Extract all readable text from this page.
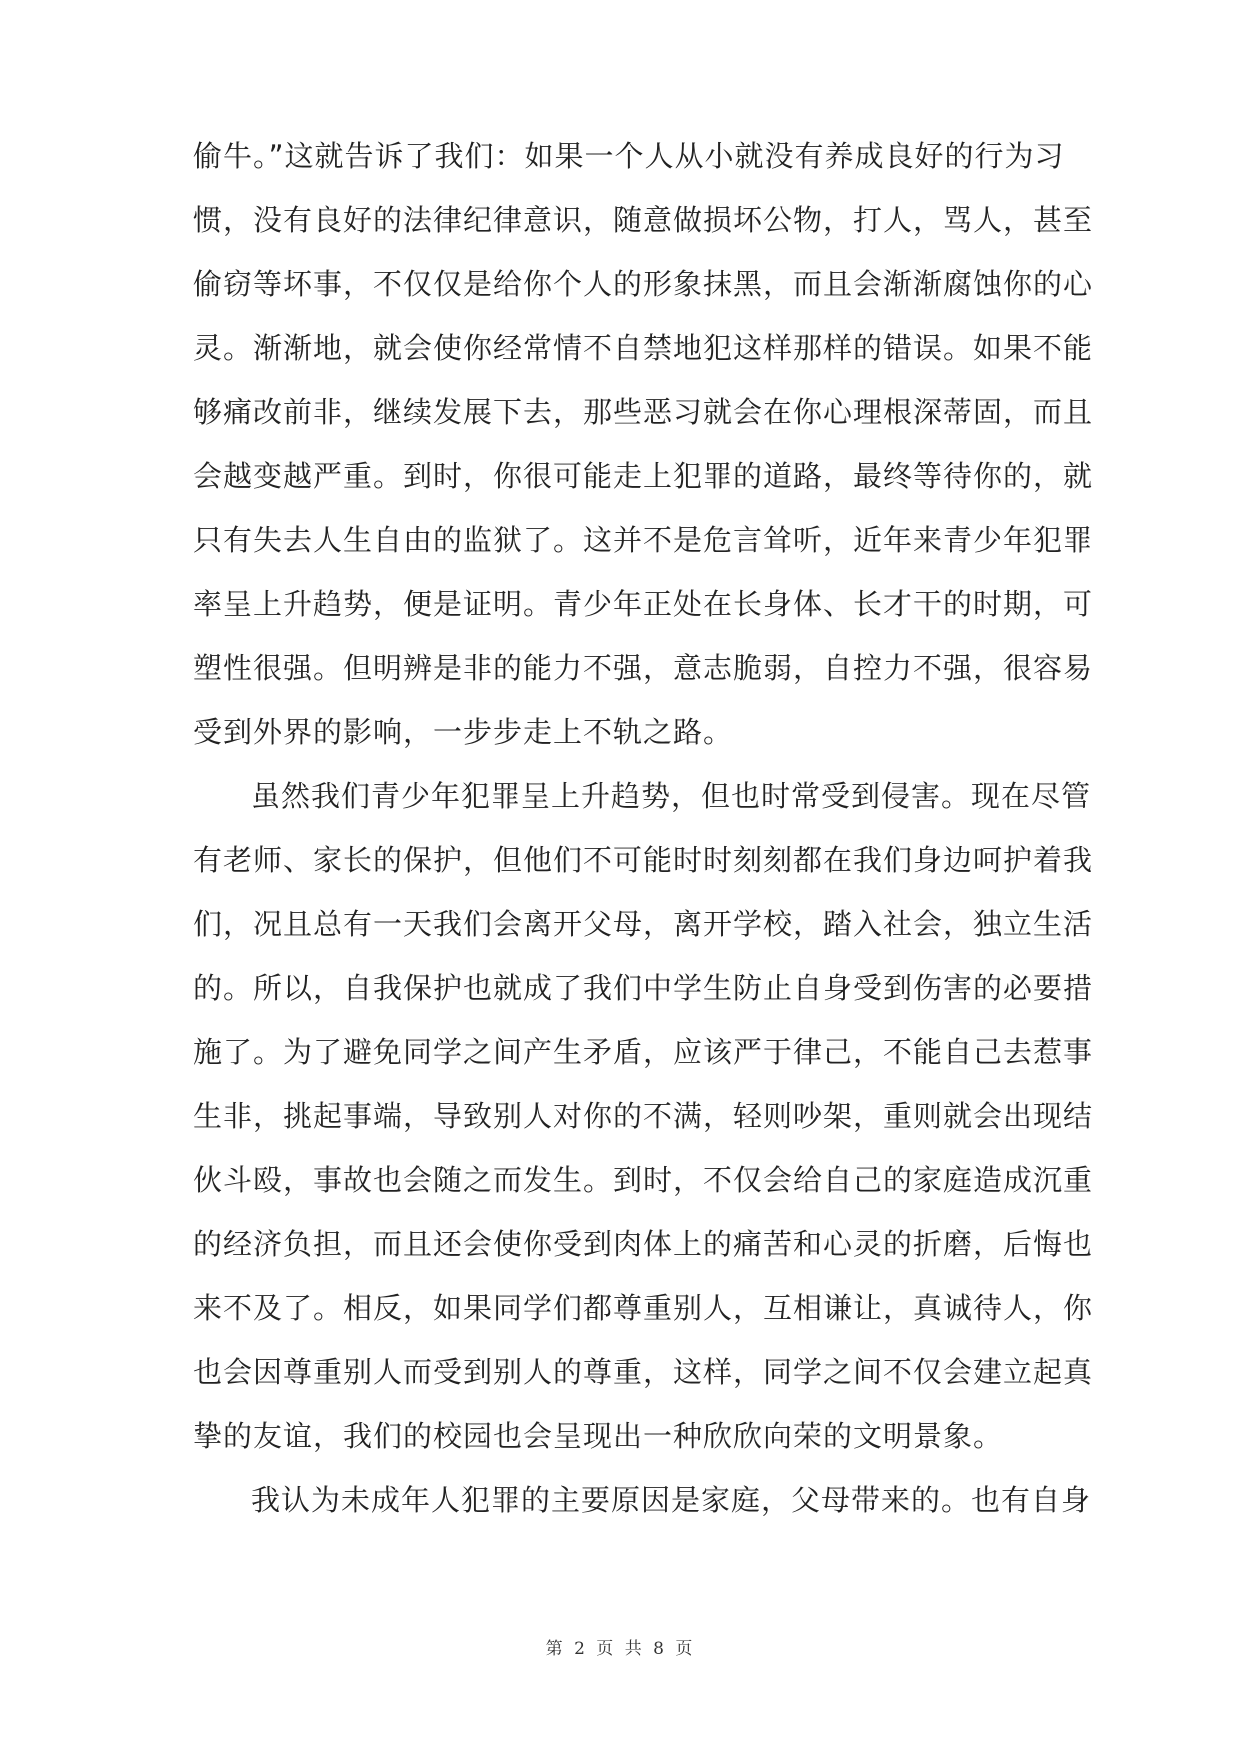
偷牛。”这就告诉了我们：如果一个人从小就没有养成良好的行为习
惯，没有良好的法律纪律意识，随意做损坏公物，打人，骂人，甚至
偷窃等坏事，不仅仅是给你个人的形象抹黑，而且会渐渐腐蚀你的心
灵。渐渐地，就会使你经常情不自禁地犯这样那样的错误。如果不能
够痛改前非，继续发展下去，那些恶习就会在你心理根深蒂固，而且
会越变越严重。到时，你很可能走上犯罪的道路，最终等待你的，就
只有失去人生自由的监狱了。这并不是危言耸听，近年来青少年犯罪
率呈上升趋势，便是证明。青少年正处在长身体、长才干的时期，可
塑性很强。但明辨是非的能力不强，意志脆弱，自控力不强，很容易
受到外界的影响，一步步走上不轨之路。
虽然我们青少年犯罪呈上升趋势，但也时常受到侵害。现在尽管
有老师、家长的保护，但他们不可能时时刻刻都在我们身边呵护着我
们，况且总有一天我们会离开父母，离开学校，踏入社会，独立生活
的。所以，自我保护也就成了我们中学生防止自身受到伤害的必要措
施了。为了避免同学之间产生矛盾，应该严于律己，不能自己去惹事
生非，挑起事端，导致别人对你的不满，轻则吵架，重则就会出现结
伙斗殴，事故也会随之而发生。到时，不仅会给自己的家庭造成沉重
的经济负担，而且还会使你受到肉体上的痛苦和心灵的折磨，后悔也
来不及了。相反，如果同学们都尊重别人，互相谦让，真诚待人，你
也会因尊重别人而受到别人的尊重，这样，同学之间不仅会建立起真
挚的友谊，我们的校园也会呈现出一种欣欣向荣的文明景象。
我认为未成年人犯罪的主要原因是家庭，父母带来的。也有自身
第 2 页 共 8 页
